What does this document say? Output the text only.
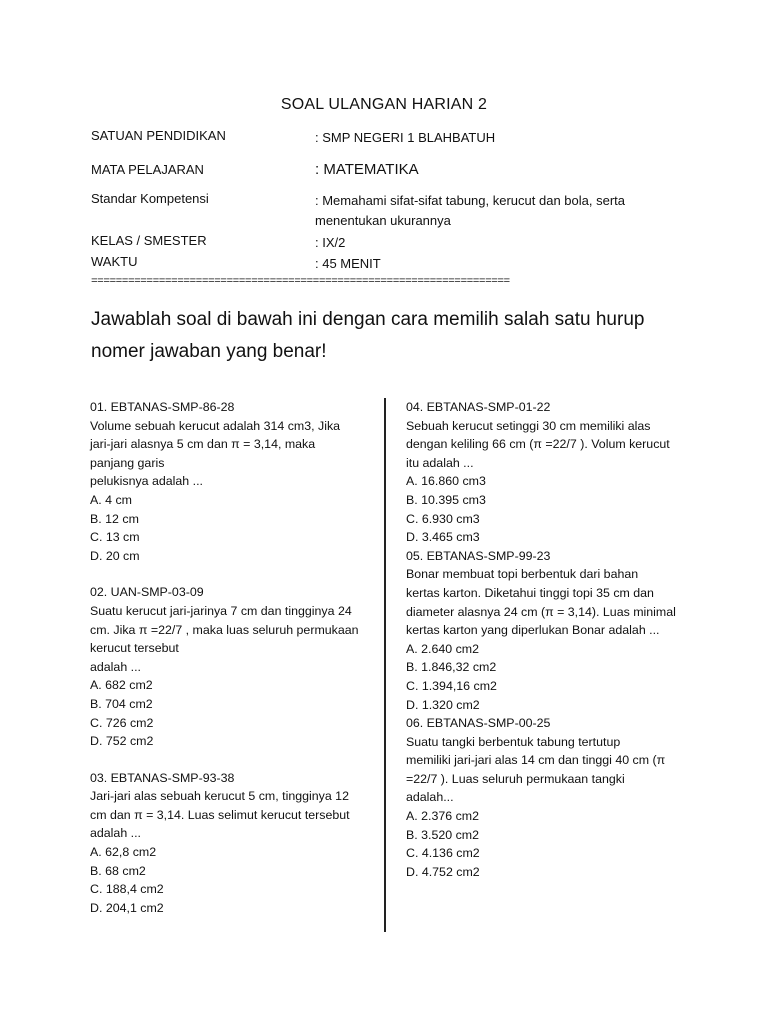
SOAL ULANGAN HARIAN 2
SATUAN PENDIDIKAN	: SMP NEGERI 1 BLAHBATUH
MATA PELAJARAN	: MATEMATIKA
Standar Kompetensi	: Memahami sifat-sifat tabung, kerucut dan bola, serta
menentukan ukurannya
KELAS / SMESTER	: IX/2
WAKTU	: 45 MENIT
====================================================================
Jawablah soal di bawah ini dengan cara memilih salah satu hurup
nomer jawaban yang benar!
01. EBTANAS-SMP-86-28
Volume sebuah kerucut adalah 314 cm3, Jika
jari-jari alasnya 5 cm dan π = 3,14, maka
panjang garis
pelukisnya adalah ...
A. 4 cm
B. 12 cm
C. 13 cm
D. 20 cm
02. UAN-SMP-03-09
Suatu kerucut jari-jarinya 7 cm dan tingginya 24
cm. Jika π =22/7 , maka luas seluruh permukaan
kerucut tersebut
adalah ...
A. 682 cm2
B. 704 cm2
C. 726 cm2
D. 752 cm2
03. EBTANAS-SMP-93-38
Jari-jari alas sebuah kerucut 5 cm, tingginya 12
cm dan π = 3,14. Luas selimut kerucut tersebut
adalah ...
A. 62,8 cm2
B. 68 cm2
C. 188,4 cm2
D. 204,1 cm2
04. EBTANAS-SMP-01-22
Sebuah kerucut setinggi 30 cm memiliki alas
dengan keliling 66 cm (π =22/7 ). Volum kerucut
itu adalah ...
A. 16.860 cm3
B. 10.395 cm3
C. 6.930 cm3
D. 3.465 cm3
05. EBTANAS-SMP-99-23
Bonar membuat topi berbentuk dari bahan
kertas karton. Diketahui tinggi topi 35 cm dan
diameter alasnya 24 cm (π = 3,14). Luas minimal
kertas karton yang diperlukan Bonar adalah ...
A. 2.640 cm2
B. 1.846,32 cm2
C. 1.394,16 cm2
D. 1.320 cm2
06. EBTANAS-SMP-00-25
Suatu tangki berbentuk tabung tertutup
memiliki jari-jari alas 14 cm dan tinggi 40 cm (π
=22/7 ). Luas seluruh permukaan tangki
adalah...
A. 2.376 cm2
B. 3.520 cm2
C. 4.136 cm2
D. 4.752 cm2
